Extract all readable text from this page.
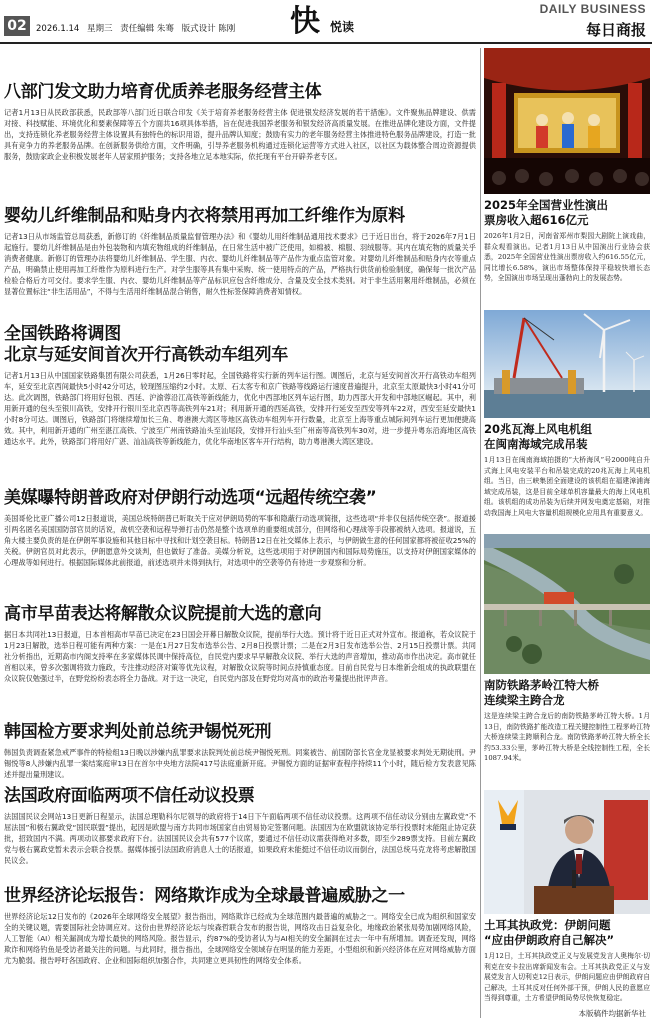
02	2026.1.14 星期三 责任编辑 朱骞 版式设计 陈刚 快 悦读
DAILY BUSINESS
每日商报
八部门发文助力培育优质养老服务经营主体

记者1月13日从民政部获悉，民政部等八部门近日联合印发《关于培育养老服务经营主体 促进银发经济发展的若干措施》。文件聚焦品牌建设、供需对接、科技赋能、环境优化和要素保障等五个方面共16项具体举措，旨在促进我国养老服务和银发经济高质量发展。在推进品牌化建设方面，文件提出，支持连锁化养老服务经营主体设置具有独特色的标识用语，提升品牌认知度；鼓励有实力的老年服务经营主体推进特色服务品牌建设，打造一批具有竞争力的养老服务品牌。在创新服务供给方面，文件明确，引导养老服务机构通过连锁化运营等方式进入社区，以社区为载体整合周边资源提供服务，鼓励家政企业积极发展老年人居家照护服务；支持各地立足本地实际，依托现有平台开辟养老专区。

婴幼儿纤维制品和贴身内衣将禁用再加工纤维作为原料

记者13日从市场监管总局获悉，新修订的《纤维制品质量监督管理办法》和《婴幼儿用纤维制品通用技术要求》已于近日出台，将于2026年7月1日起施行。婴幼儿纤维制品是由外包装物和内填充物组成的纤维制品，在日常生活中被广泛使用，如棉被、棉服、羽绒服等。其内在填充物的质量关乎消费者健康。新修订的管理办法将婴幼儿纤维制品、学生服、内衣、婴幼儿纤维制品等产品作为重点监管对象。对婴幼儿纤维制品和贴身内衣等重点产品，明确禁止使用再加工纤维作为原料进行生产。对学生服等具有集中采购、统一使用特点的产品，严格执行供货前检验制度，确保每一批次产品检验合格后方可交付。要求学生服、内衣、婴幼儿纤维制品等产品标识应包含纤维成分、含量及安全技术类别。对于非生活用絮用纤维制品，必须在显著位置标注“非生活用品”，不得与生活用纤维制品混合销售，耐久性标签保障消费者知情权。

全国铁路将调图
北京与延安间首次开行高铁动车组列车

记者1月13日从中国国家铁路集团有限公司获悉，1月26日零时起，全国铁路将实行新的列车运行图。调图后，北京与延安间首次开行高铁动车组列车，延安至北京西间最快5小时42分可达，较现图压缩约2小时。太原、石太客专和京广铁路等线路运行速度普遍提升，北京至太原最快3小时41分可达。此次调图，铁路部门将用好包银、西延、沪渝蓉沿江高铁等新线能力，优化中西部地区列车运行图，助力西部大开发和中部地区崛起。其中，利用新开通的包头至银川高铁，安排开行银川至北京西等高铁列车21对；利用新开通的西延高铁，安排开行延安至西安等列车22对，西安至延安最快1小时8分可达。调图后，铁路部门将继续增加长三角、粤港澳大湾区等地区高铁动车组列车开行数量，北京至上海等重点城际间列车运行更加便捷高效。其中，利用新开通的广州至湛江高铁、宁波至广州南铁路汕头至汕尾段，安排开行汕头至广州南等高铁列车30对，进一步提升粤东沿海地区高铁通达水平。此外，铁路部门将用好广湛、汕汕高铁等新线能力，优化华南地区客车开行结构，助力粤港澳大湾区建设。

美媒曝特朗普政府对伊朗行动选项“远超传统空袭”

美国哥伦比亚广播公司12日报道说，美国总统特朗普已听取关于应对伊朗局势的军事和隐蔽行动选项简报，这些选项“并非仅包括传统空袭”。报道援引两名匿名美国国防部官员的话说，战机空袭和远程导弹打击仍然是整个选项单的重要组成部分，但网络和心理战等手段都被纳入选项。报道说，五角大楼主要负责的是在伊朗军事设施和其他目标中寻找和计划空袭目标。特朗普12日在社交媒体上表示，与伊朗做生意的任何国家都将被征收25%的关税。伊朗官员对此表示，伊朗愿意外交谈判，但也做好了准备。美媒分析说，这些选项用于对伊朗国内和国际局势施压，以支持对伊朗国家媒体的心理战等如何进行。根据国际媒体此前报道，前述选项并未得到执行，对选项中的空袭等仍有待进一步观察和分析。

高市早苗表达将解散众议院提前大选的意向

据日本共同社13日报道，日本首相高市早苗已决定在23日国会开幕日解散众议院，提前举行大选。预计将于近日正式对外宣布。报道称，若众议院于1月23日解散，选举日程可能有两种方案：一是在1月27日发布选举公告、2月8日投票计票；二是在2月3日发布选举公告、2月15日投票计票。共同社分析指出，近期高市内阁支持率在多家媒体民调中保持高位，自民党内要求早早解散众议院、举行大选的声音增加，推动高市作出决定。高市就任首相以来，曾多次强调将致力施政，专注推动经济对策等优先议程，对解散众议院等时间点持慎重态度。目前自民党与日本维新会组成的执政联盟在众议院仅勉强过半，在野党纷纷表态将全力备战。对于这一决定，自民党内部及在野党均对高市的政治考量提出批评声音。

韩国检方要求判处前总统尹锡悦死刑

韩国负责调查紧急戒严事件的特检组13日晚以涉嫌内乱罪要求法院判处前总统尹锡悦死刑。同案被告、前国防部长官金龙显被要求判处无期徒刑。尹锡悦等8人涉嫌内乱罪一案结案庭审13日在首尔中央地方法院417号法庭重新开庭。尹锡悦方面的证据审查程序持续11个小时，随后检方发表意见陈述并提出量刑建议。

法国政府面临两项不信任动议投票

法国国民议会网站13日更新日程显示，法国总理勒科尔尼领导的政府将于14日下午面临两项不信任动议投票。这两项不信任动议分别由左翼政党“不屈法国”和极右翼政党“国民联盟”提出，起因是欧盟与南方共同市场国家自由贸易协定签署问题。法国因为在欧盟就该协定举行投票时未能阻止协定获批，招致国内不满。两项动议都要求政府下台。法国国民议会共有577个议席，要通过不信任动议需获得绝对多数，即至少289票支持。目前左翼政党与极右翼政党暂未表示会联合投票。据媒体援引法国政府消息人士的话报道，如果政府未能挺过不信任动议而倒台，法国总统马克龙将考虑解散国民议会。

世界经济论坛报告：网络欺诈成为全球最普遍威胁之一

世界经济论坛12日发布的《2026年全球网络安全展望》报告指出，网络欺诈已经成为全球范围内最普遍的威胁之一。网络安全已成为组织和国家安全的关键议题，需要国际社会协调应对。这份由世界经济论坛与埃森哲联合发布的报告说，网络攻击日益复杂化，地缘政治紧张局势加剧网络风险，人工智能（AI）相关漏洞成为增长最快的网络风险。报告显示，约87%的受访者认为与AI相关的安全漏洞在过去一年中有所增加。调查还发现，网络欺诈和网络钓鱼是受访者最关注的问题。与此同时，报告指出，全球网络安全领域存在明显的能力差距，小型组织和新兴经济体在应对网络威胁方面尤为脆弱。报告呼吁各国政府、企业和国际组织加强合作，共同建立更具韧性的网络安全体系。

2025年全国营业性演出
票房收入超616亿元

2026年1月2日，河南省郑州市梨园大剧院上演戏曲，群众观看演出。记者1月13日从中国演出行业协会获悉，2025年全国营业性演出票房收入约616.55亿元，同比增长6.58%，演出市场整体保持平稳较快增长态势，全国演出市场呈现出蓬勃向上的发展态势。

20兆瓦海上风电机组
在闽南海域完成吊装

1月13日在闽南海域拍摄的“大桥海风”号2000吨自升式海上风电安装平台和吊装完成的20兆瓦海上风电机组。当日，由三峡集团全面建设的该机组在福建漳浦海域完成吊装，这是目前全球单机容量最大的海上风电机组。该机组的成功吊装为后续并网发电奠定基础，对推动我国海上风电大容量机组规模化应用具有重要意义。

南防铁路茅岭江特大桥
连续梁主跨合龙

这是连续梁主跨合龙后的南防铁路茅岭江特大桥。1月13日，南防铁路扩能改造工程关键控制性工程茅岭江特大桥连续梁主跨顺利合龙。南防铁路茅岭江特大桥全长约53.33公里，茅岭江特大桥是全线控制性工程，全长1087.94米。

土耳其执政党：伊朗问题
“应由伊朗政府自己解决”

1月12日，土耳其执政党正义与发展党发言人奥梅尔·切利克在安卡拉出席新闻发布会。土耳其执政党正义与发展党发言人切利克12日表示，伊朗问题应由伊朗政府自己解决，土耳其反对任何外部干预，伊朗人民的意愿应当得到尊重，土方希望伊朗局势尽快恢复稳定。

本版稿件均据新华社
